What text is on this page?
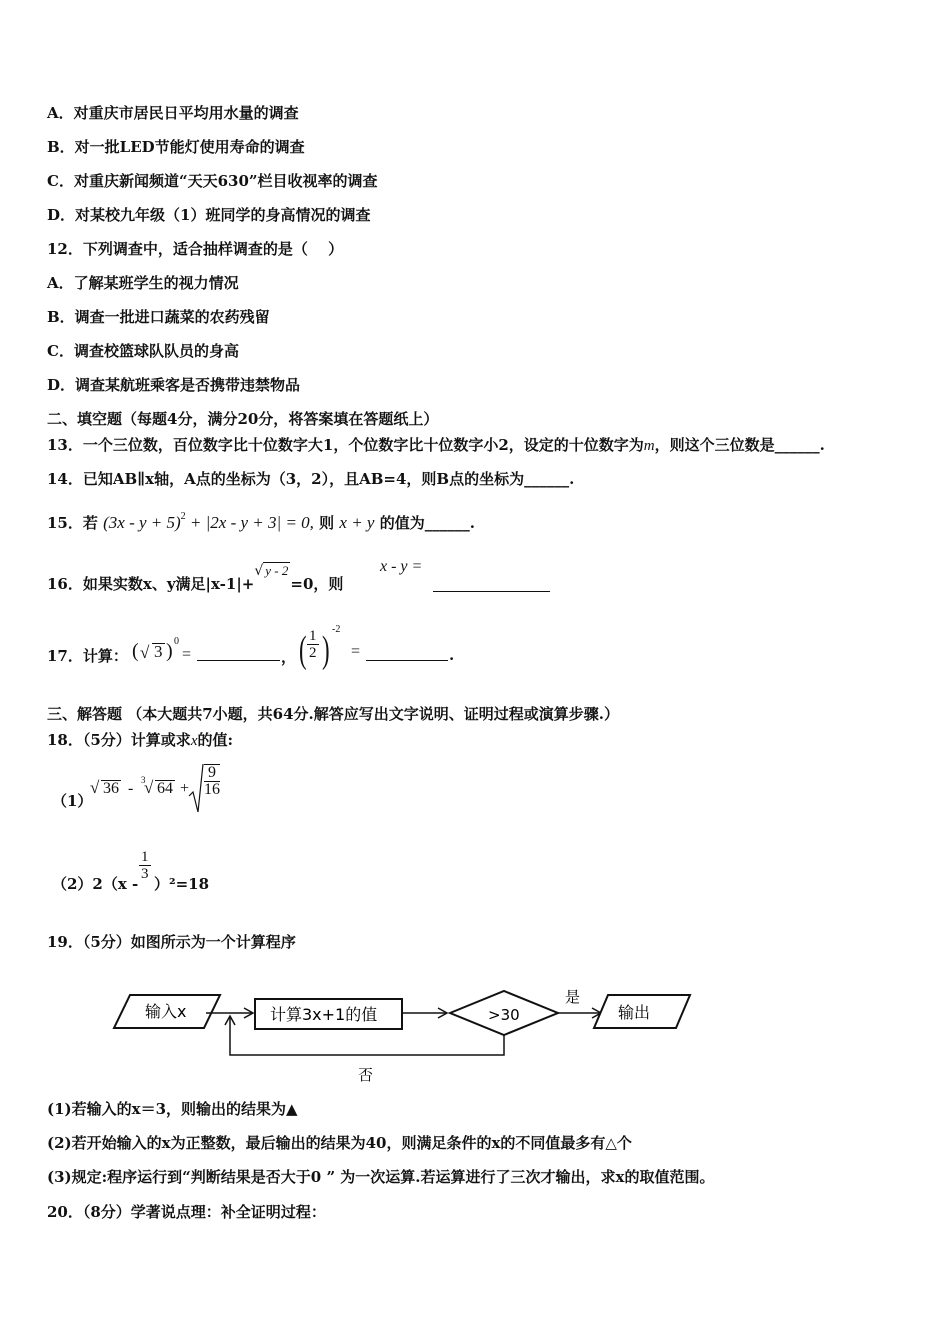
A．对重庆市居民日平均用水量的调查
B．对一批LED节能灯使用寿命的调查
C．对重庆新闻频道“天天630”栏目收视率的调查
D．对某校九年级（1）班同学的身高情况的调查
12．下列调查中，适合抽样调查的是（　 ）
A．了解某班学生的视力情况
B．调查一批进口蔬菜的农药残留
C．调查校篮球队队员的身高
D．调查某航班乘客是否携带违禁物品
二、填空题（每题4分，满分20分，将答案填在答题纸上）
13．一个三位数，百位数字比十位数字大1，个位数字比十位数字小2，设定的十位数字为m，则这个三位数是______.
14．已知AB∥x轴，A点的坐标为（3，2），且AB=4，则B点的坐标为______.
15．若 $(3x - y + 5)^2 + |2x - y + 3| = 0$, 则 x + y 的值为______.
16．如果实数x、y满足|x-1|+$^{√ y - 2}$=0，则
x - y =
17．计算： ( √ 3 ) 0
=	， ( $\frac{1}{2}$ ) -2
=	.
三、解答题 （本大题共7小题，共64分.解答应写出文字说明、证明过程或演算步骤.）
18．（5分）计算或求x的值:
（1）
√ 36 - 3
√ $64 + \frac{9}{16}$
（2）2（x -
$\frac{1}{3}$
）²=18
19．（5分）如图所示为一个计算程序
输入x	计算3x+1的值	>30
是
输出
否
(1)若输入的x＝3，则输出的结果为▲
(2)若开始输入的x为正整数，最后输出的结果为40，则满足条件的x的不同值最多有△个
(3)规定:程序运行到“判断结果是否大于0 ” 为一次运算.若运算进行了三次才输出，求x的取值范围。
20．（8分）学著说点理：补全证明过程：
